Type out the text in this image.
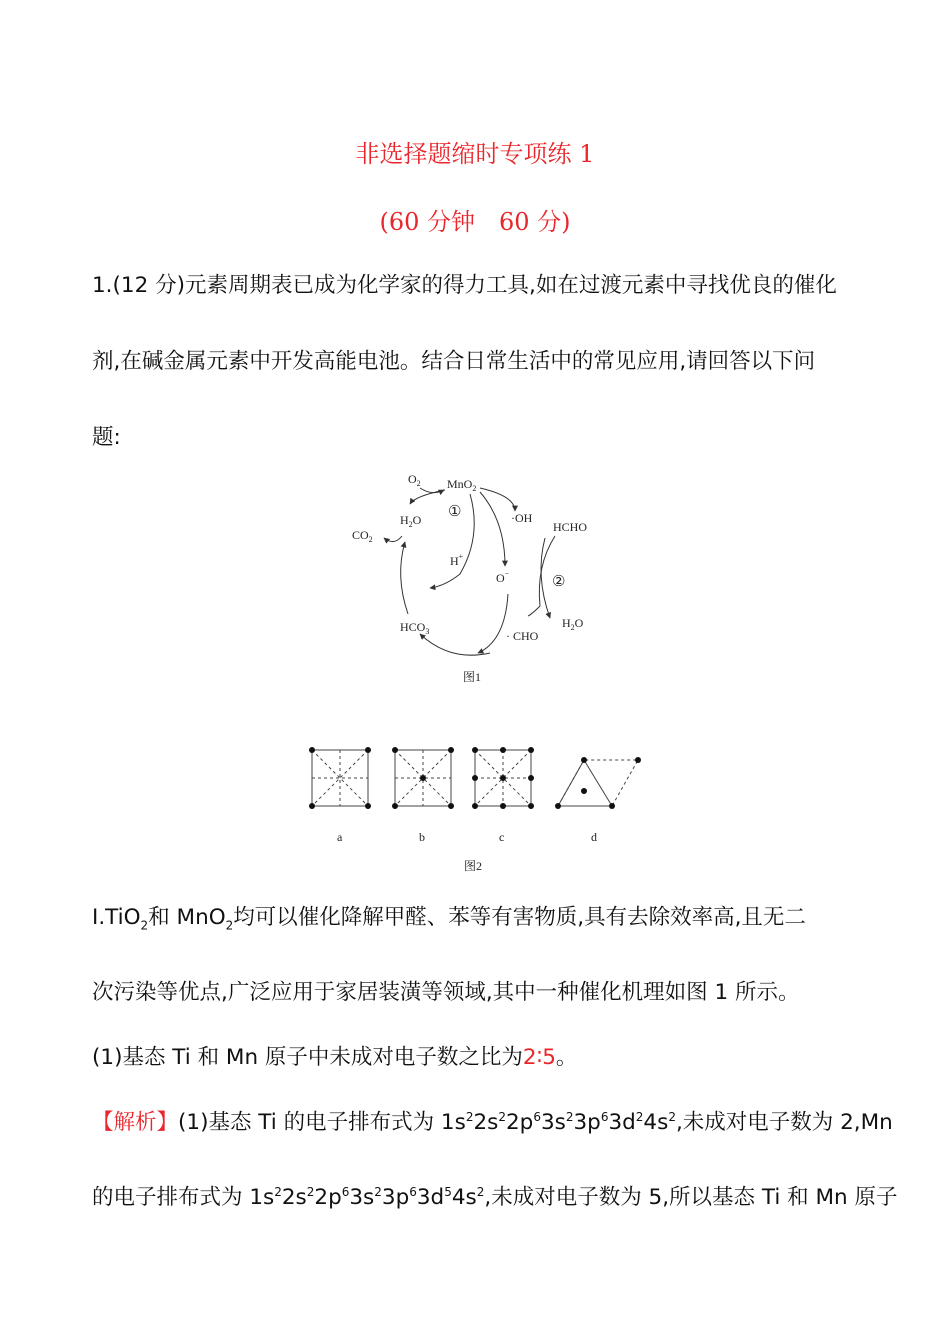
非选择题缩时专项练 1
(60 分钟　60 分)
1.(12 分)元素周期表已成为化学家的得力工具,如在过渡元素中寻找优良的催化
剂,在碱金属元素中开发高能电池。结合日常生活中的常见应用,请回答以下问
题:
$O_2$ MnO$_2$
①
$H_2O$
$CO_2$
·OH
HCHO
H+
O−
②
$H_2O$
$HCO_3$	· CHO
图1
a	b	c	d
图2
Ⅰ.TiO$_2$和 MnO$_2$均可以催化降解甲醛、苯等有害物质,具有去除效率高,且无二
次污染等优点,广泛应用于家居装潢等领域,其中一种催化机理如图 1 所示。
(1)基态 Ti 和 Mn 原子中未成对电子数之比为2∶5。
【解析】(1)基态 Ti 的电子排布式为 $1s^22s^22p^63s^23p^63d^24s^2$,未成对电子数为 2,Mn
的电子排布式为 $1s^22s^22p^63s^23p^63d^54s^2$,未成对电子数为 5,所以基态 Ti 和 Mn 原子
